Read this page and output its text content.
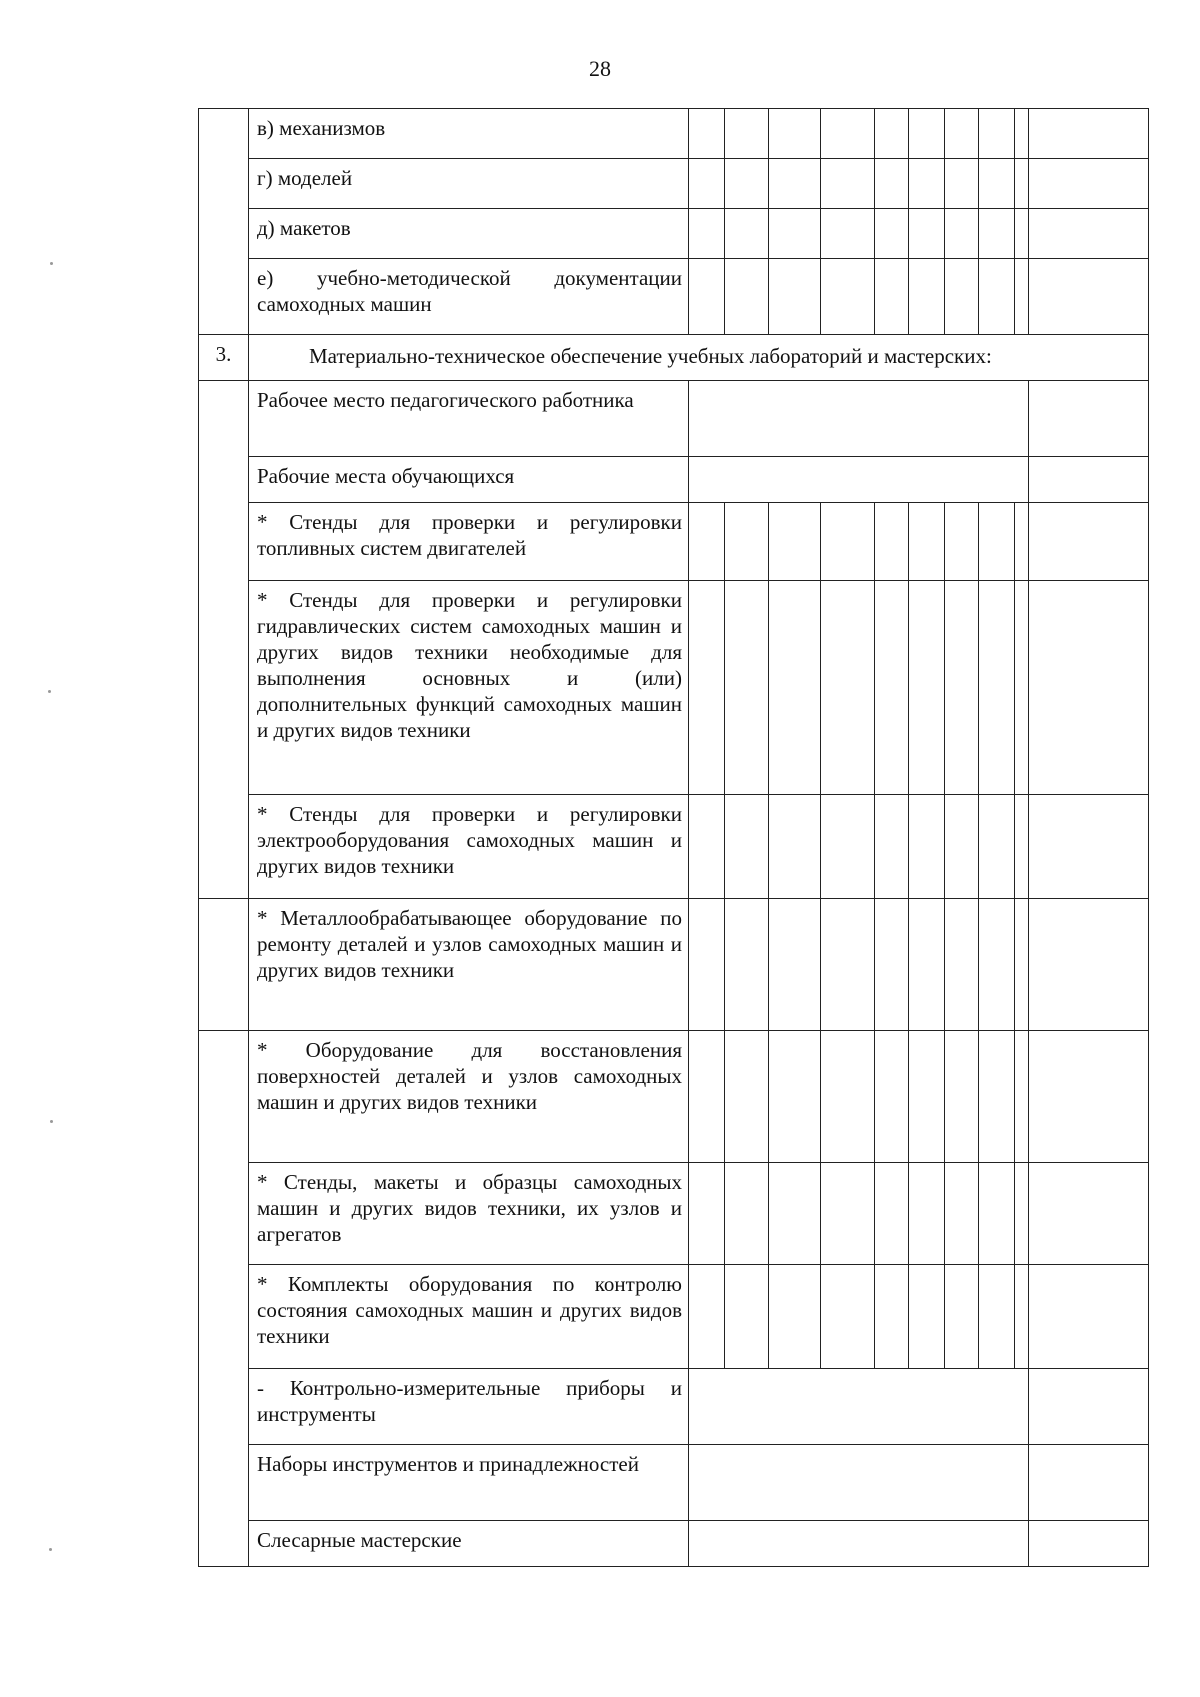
28
	в) механизмов										
	г) моделей										
	д) макетов										
	е) учебно-методической документации самоходных машин										
3.	Материально-техническое обеспечение учебных лабораторий и мастерских:										
	Рабочее место педагогического работника										
	Рабочие места обучающихся										
	* Стенды для проверки и регулировки топливных систем двигателей										
	* Стенды для проверки и регулировки гидравлических систем самоходных машин и других видов техники необходимые для выполнения основных и (или) дополнительных функций самоходных машин и других видов техники										
	* Стенды для проверки и регулировки электрооборудования самоходных машин и других видов техники										
	* Металлообрабатывающее оборудование по ремонту деталей и узлов самоходных машин и других видов техники										
	* Оборудование для восстановления поверхностей деталей и узлов самоходных машин и других видов техники										
	* Стенды, макеты и образцы самоходных машин и других видов техники, их узлов и агрегатов										
	* Комплекты оборудования по контролю состояния самоходных машин и других видов техники										
	- Контрольно-измерительные приборы и инструменты										
	Наборы инструментов и принадлежностей										
	Слесарные мастерские										
